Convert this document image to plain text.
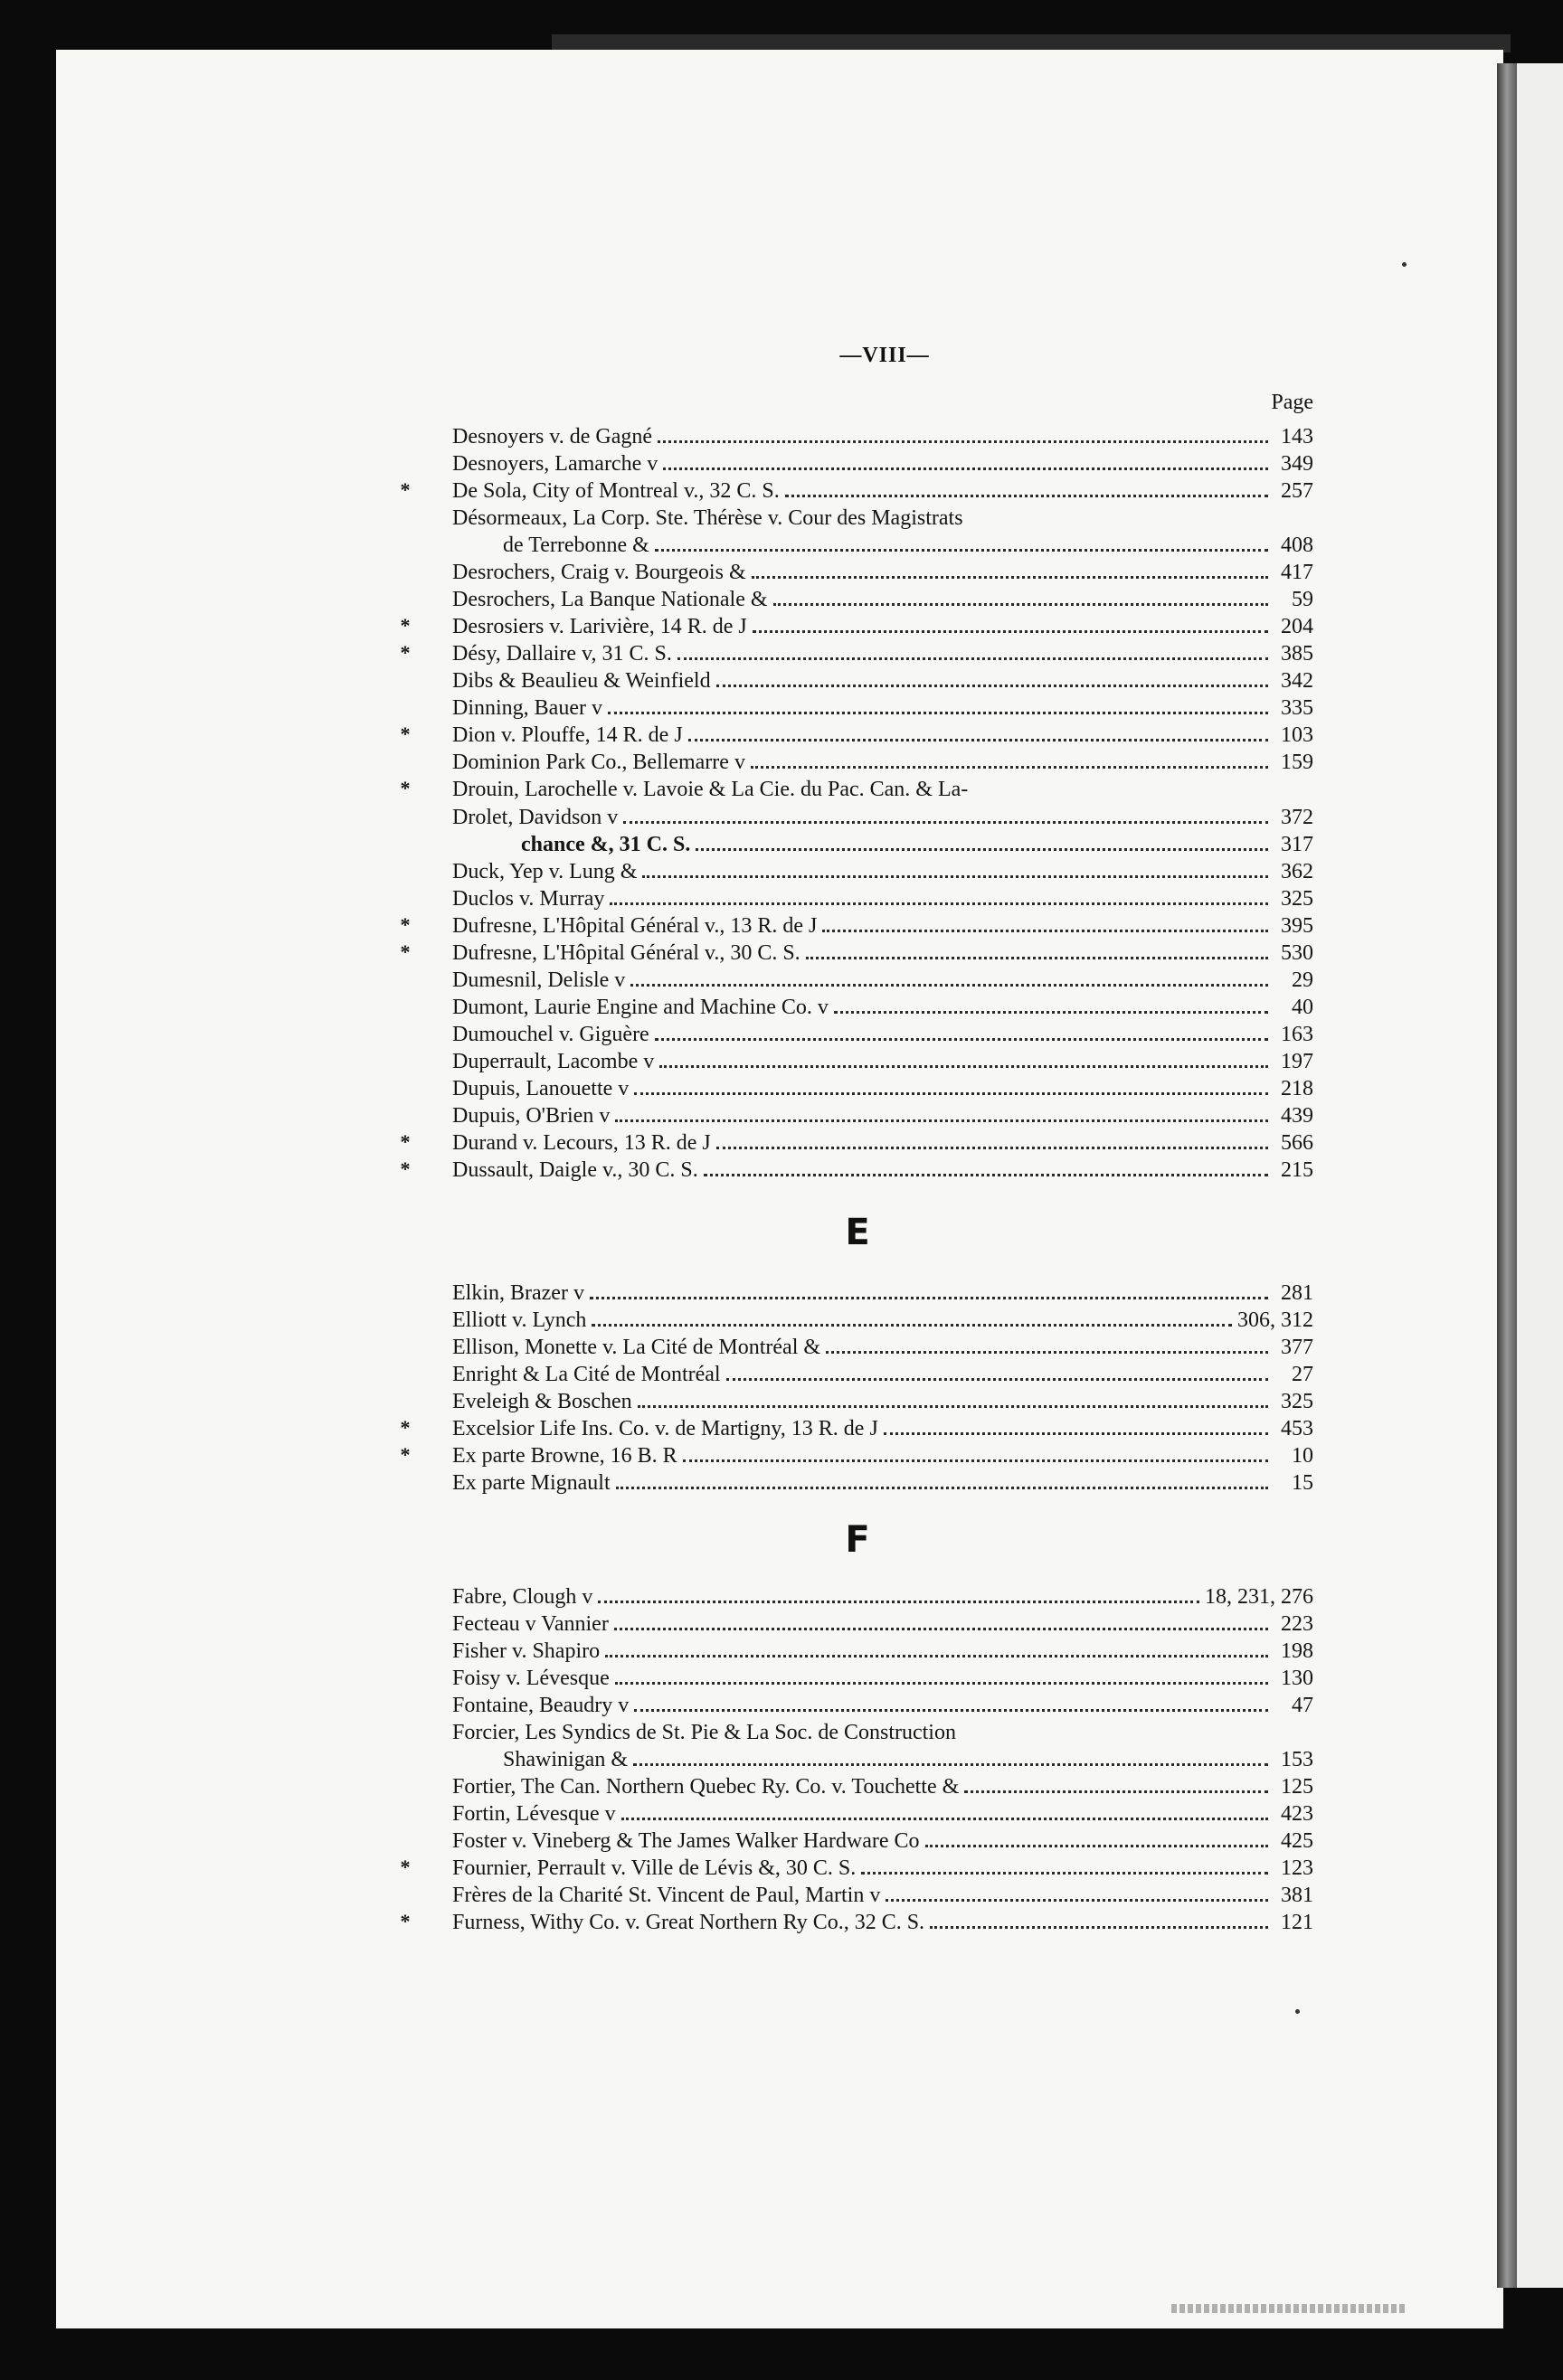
—VIII—
Page
Desnoyers v. de Gagné	143
Desnoyers, Lamarche v	349
* De Sola, City of Montreal v., 32 C. S.	257
Désormeaux, La Corp. Ste. Thérèse v. Cour des Magistrats
de Terrebonne &	408
Desrochers, Craig v. Bourgeois &	417
Desrochers, La Banque Nationale &	59
* Desrosiers v. Larivière, 14 R. de J	204
* Désy, Dallaire v, 31 C. S.	385
Dibs & Beaulieu & Weinfield	342
Dinning, Bauer v	335
* Dion v. Plouffe, 14 R. de J	103
Dominion Park Co., Bellemarre v	159
* Drouin, Larochelle v. Lavoie & La Cie. du Pac. Can. & La-
Drolet, Davidson v	372
chance &, 31 C. S.	317
Duck, Yep v. Lung &	362
Duclos v. Murray	325
* Dufresne, L'Hôpital Général v., 13 R. de J	395
* Dufresne, L'Hôpital Général v., 30 C. S.	530
Dumesnil, Delisle v	29
Dumont, Laurie Engine and Machine Co. v	40
Dumouchel v. Giguère	163
Duperrault, Lacombe v	197
Dupuis, Lanouette v	218
Dupuis, O'Brien v	439
* Durand v. Lecours, 13 R. de J	566
* Dussault, Daigle v., 30 C. S.	215
E
Elkin, Brazer v	281
Elliott v. Lynch	306, 312
Ellison, Monette v. La Cité de Montréal &	377
Enright & La Cité de Montréal	27
Eveleigh & Boschen	325
* Excelsior Life Ins. Co. v. de Martigny, 13 R. de J	453
* Ex parte Browne, 16 B. R	10
Ex parte Mignault	15
F
Fabre, Clough v	18, 231, 276
Fecteau v Vannier	223
Fisher v. Shapiro	198
Foisy v. Lévesque	130
Fontaine, Beaudry v	47
Forcier, Les Syndics de St. Pie & La Soc. de Construction
Shawinigan &	153
Fortier, The Can. Northern Quebec Ry. Co. v. Touchette &	125
Fortin, Lévesque v	423
Foster v. Vineberg & The James Walker Hardware Co	425
* Fournier, Perrault v. Ville de Lévis &, 30 C. S.	123
Frères de la Charité St. Vincent de Paul, Martin v	381
* Furness, Withy Co. v. Great Northern Ry Co., 32 C. S.	121
